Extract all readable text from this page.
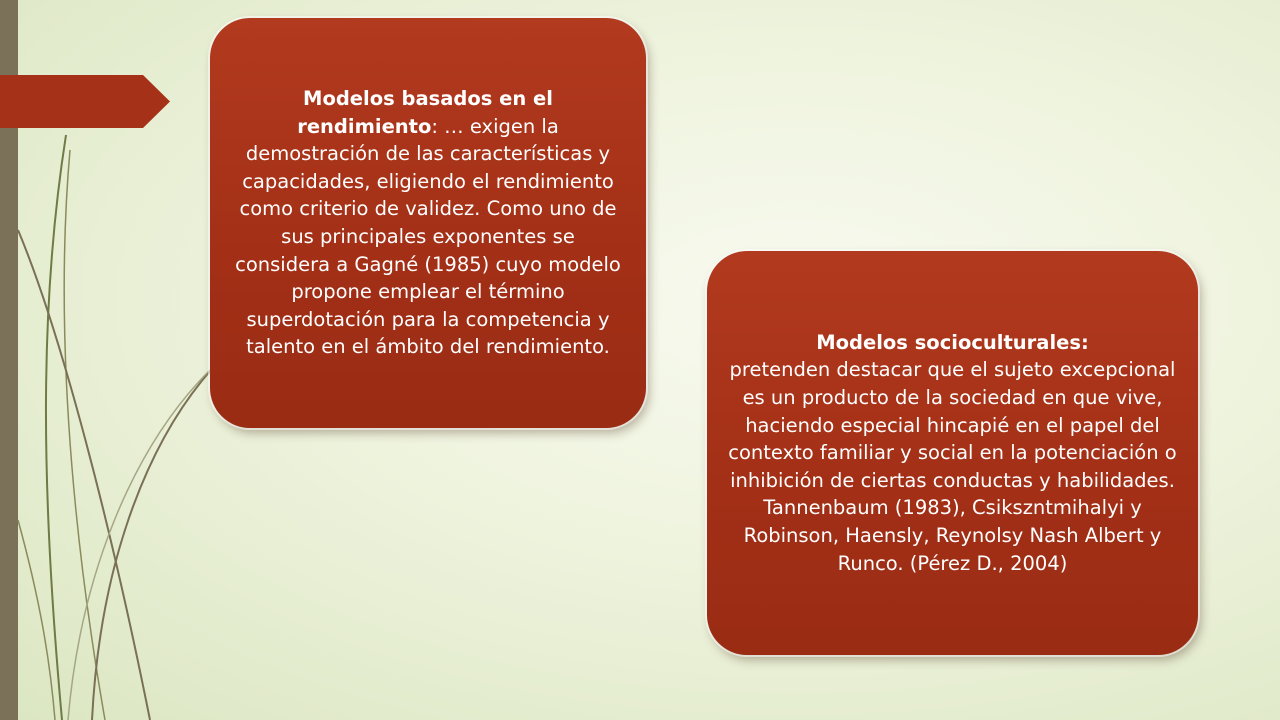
Modelos basados en el rendimiento: … exigen la demostración de las características y capacidades, eligiendo el rendimiento como criterio de validez. Como uno de sus principales exponentes se considera a Gagné (1985) cuyo modelo propone emplear el término superdotación para la competencia y talento en el ámbito del rendimiento.	Modelos socioculturales:
pretenden destacar que el sujeto excepcional es un producto de la sociedad en que vive, haciendo especial hincapié en el papel del contexto familiar y social en la potenciación o inhibición de ciertas conductas y habilidades.
Tannenbaum (1983), Csikszntmihalyi y Robinson, Haensly, Reynolsy Nash Albert y Runco. (Pérez D., 2004)
